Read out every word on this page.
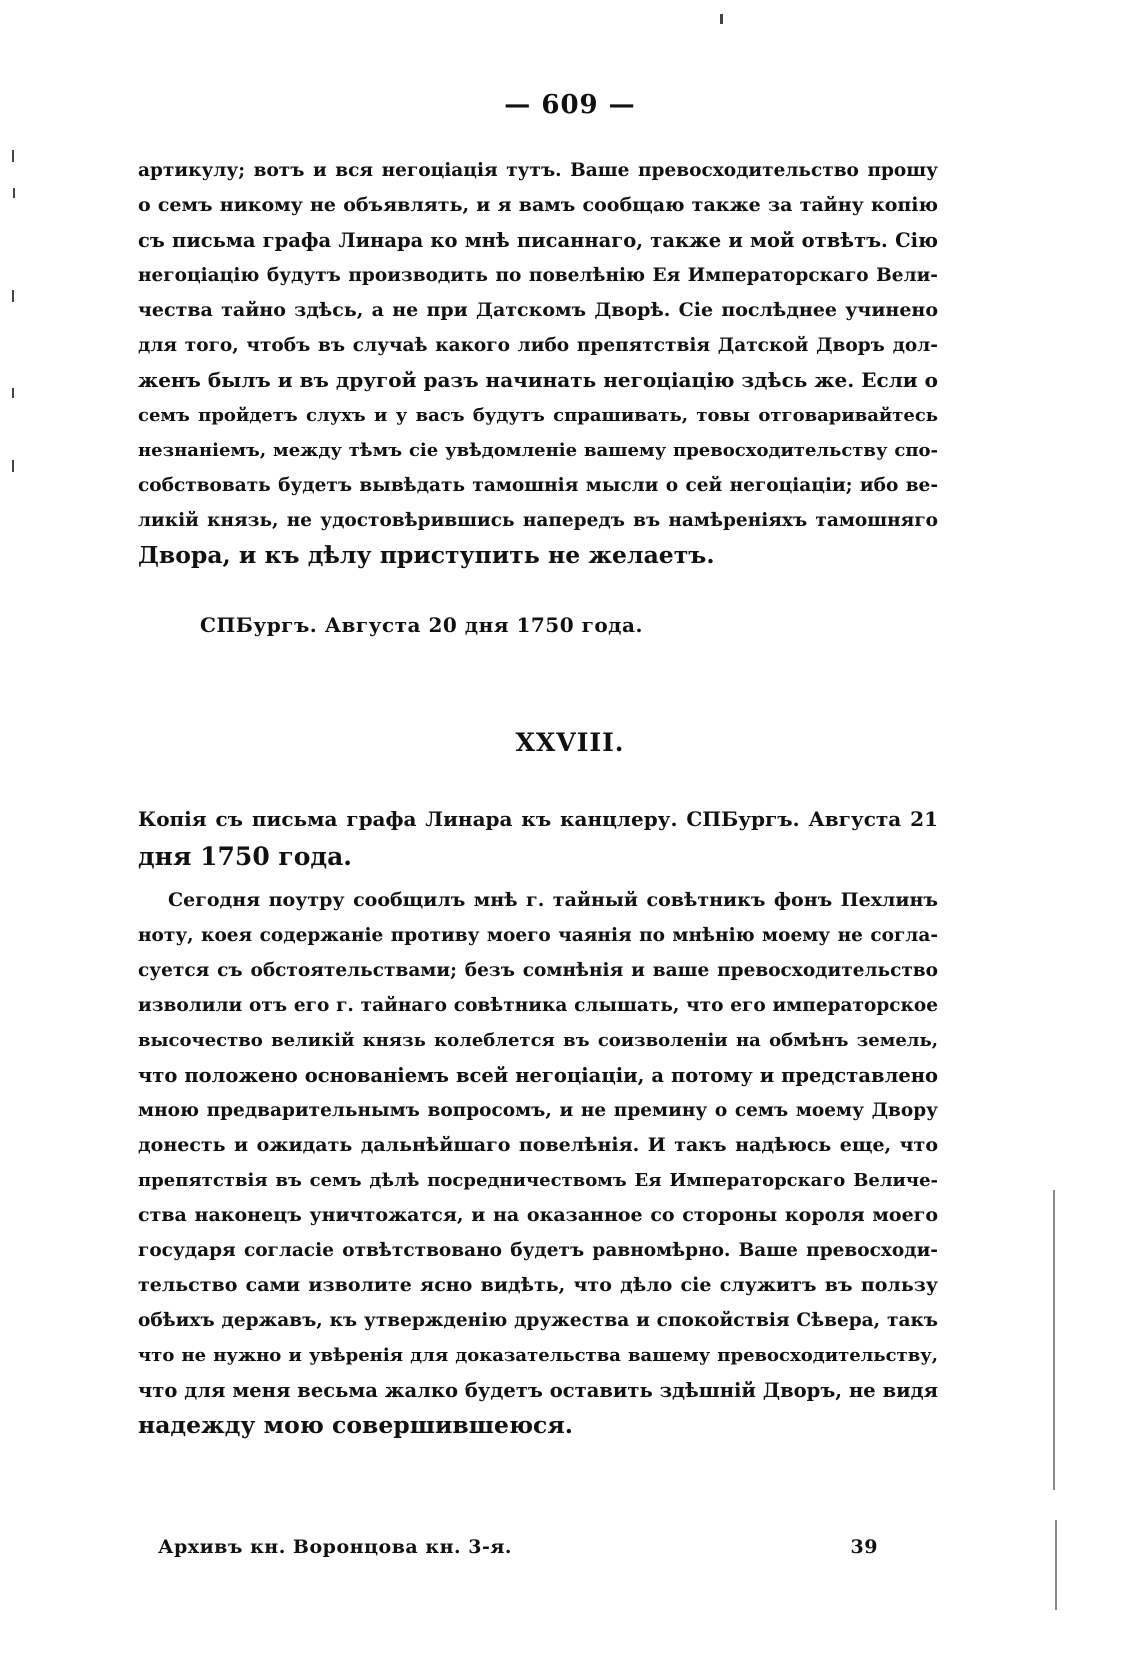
— 609 —
артикулу; вотъ и вся негоціація тутъ. Ваше превосходительство прошу
о семъ никому не объявлять, и я вамъ сообщаю также за тайну копію
съ письма графа Линара ко мнѣ писаннаго, также и мой отвѣтъ. Сію
негоціацію будутъ производить по повелѣнію Ея Императорскаго Вели-
чества тайно здѣсь, а не при Датскомъ Дворѣ. Сіе послѣднее учинено
для того, чтобъ въ случаѣ какого либо препятствія Датской Дворъ дол-
женъ былъ и въ другой разъ начинать негоціацію здѣсь же. Если о
семъ пройдетъ слухъ и у васъ будутъ спрашивать, товы отговаривайтесь
незнаніемъ, между тѣмъ сіе увѣдомленіе вашему превосходительству спо-
собствовать будетъ вывѣдать тамошнія мысли о сей негоціаціи; ибо ве-
ликій князь, не удостовѣрившись напередъ въ намѣреніяхъ тамошняго
Двора, и къ дѣлу приступить не желаетъ.
СПБургъ. Августа 20 дня 1750 года.
XXVIII.
Копія съ письма графа Линара къ канцлеру. СПБургъ. Августа 21
дня 1750 года.
Сегодня поутру сообщилъ мнѣ г. тайный совѣтникъ фонъ Пехлинъ
ноту, коея содержаніе противу моего чаянія по мнѣнію моему не согла-
суется съ обстоятельствами; безъ сомнѣнія и ваше превосходительство
изволили отъ его г. тайнаго совѣтника слышать, что его императорское
высочество великій князь колеблется въ соизволеніи на обмѣнъ земель,
что положено основаніемъ всей негоціаціи, а потому и представлено
мною предварительнымъ вопросомъ, и не премину о семъ моему Двору
донесть и ожидать дальнѣйшаго повелѣнія. И такъ надѣюсь еще, что
препятствія въ семъ дѣлѣ посредничествомъ Ея Императорскаго Величе-
ства наконецъ уничтожатся, и на оказанное со стороны короля моего
государя согласіе отвѣтствовано будетъ равномѣрно. Ваше превосходи-
тельство сами изволите ясно видѣть, что дѣло сіе служитъ въ пользу
обѣихъ державъ, къ утвержденію дружества и спокойствія Сѣвера, такъ
что не нужно и увѣренія для доказательства вашему превосходительству,
что для меня весьма жалко будетъ оставить здѣшній Дворъ, не видя
надежду мою совершившеюся.
Архивъ кн. Воронцова кн. 3-я.	39
